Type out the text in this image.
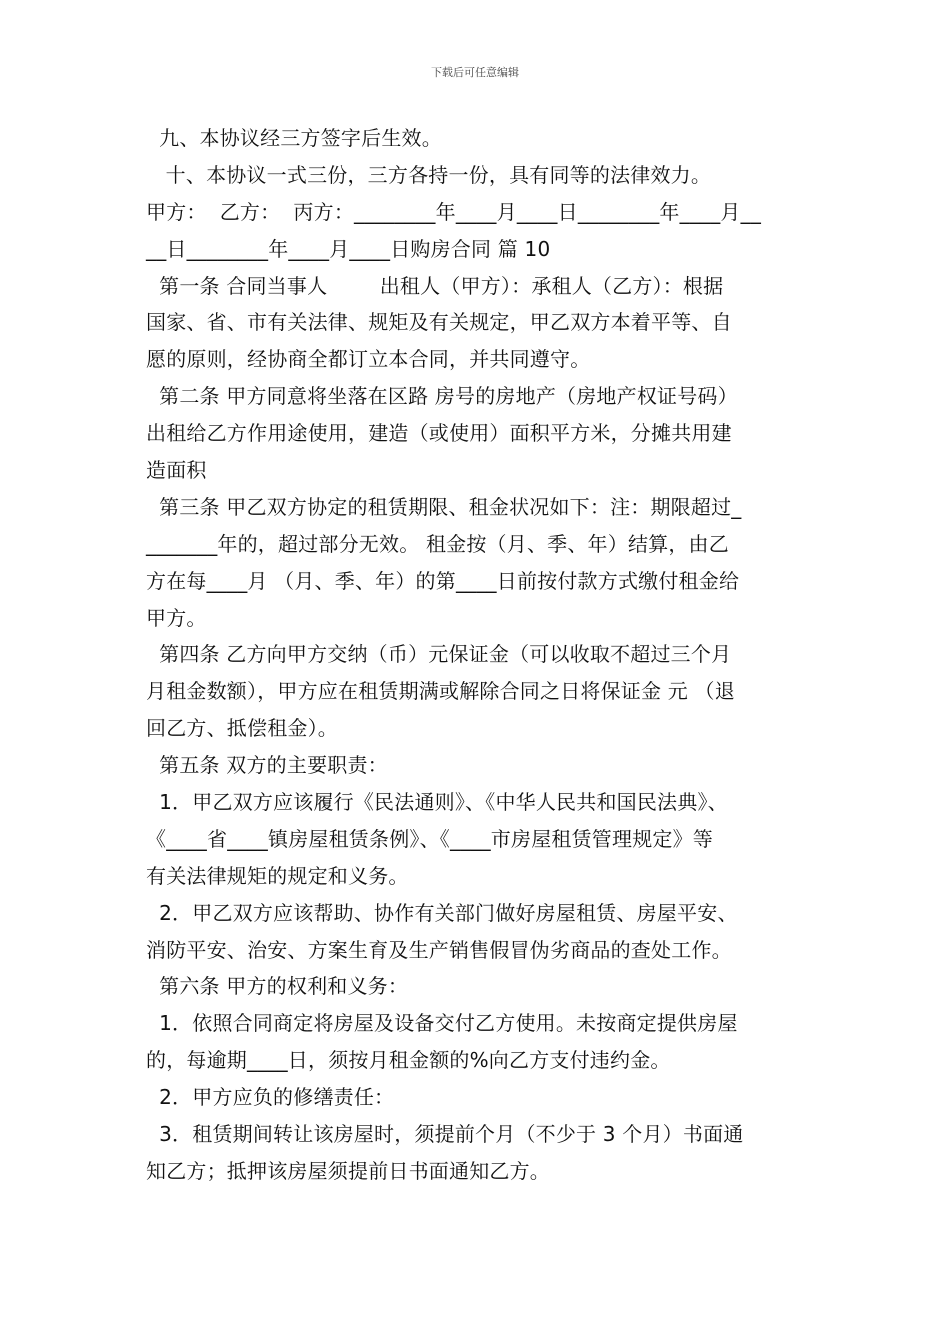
下载后可任意编辑
九、本协议经三方签字后生效。
十、本协议一式三份，三方各持一份，具有同等的法律效力。
甲方：  乙方：  丙方：________年____月____日________年____月__
__日________年____月____日购房合同 篇 10
第一条 合同当事人        出租人（甲方）：承租人（乙方）：根据
国家、省、市有关法律、规矩及有关规定，甲乙双方本着平等、自
愿的原则，经协商全都订立本合同，并共同遵守。
第二条 甲方同意将坐落在区路 房号的房地产（房地产权证号码）
出租给乙方作用途使用，建造（或使用）面积平方米，分摊共用建
造面积
第三条 甲乙双方协定的租赁期限、租金状况如下：注：期限超过_
_______年的，超过部分无效。 租金按（月、季、年）结算，由乙
方在每____月 （月、季、年）的第____日前按付款方式缴付租金给
甲方。
第四条 乙方向甲方交纳（币）元保证金（可以收取不超过三个月
月租金数额），甲方应在租赁期满或解除合同之日将保证金 元 （退
回乙方、抵偿租金）。
第五条 双方的主要职责：
1．甲乙双方应该履行《民法通则》、《中华人民共和国民法典》、
《____省____镇房屋租赁条例》、《____市房屋租赁管理规定》等
有关法律规矩的规定和义务。
2．甲乙双方应该帮助、协作有关部门做好房屋租赁、房屋平安、
消防平安、治安、方案生育及生产销售假冒伪劣商品的查处工作。
第六条 甲方的权利和义务：
1．依照合同商定将房屋及设备交付乙方使用。未按商定提供房屋
的，每逾期____日，须按月租金额的%向乙方支付违约金。
2．甲方应负的修缮责任：
3．租赁期间转让该房屋时，须提前个月（不少于 3 个月）书面通
知乙方；抵押该房屋须提前日书面通知乙方。
